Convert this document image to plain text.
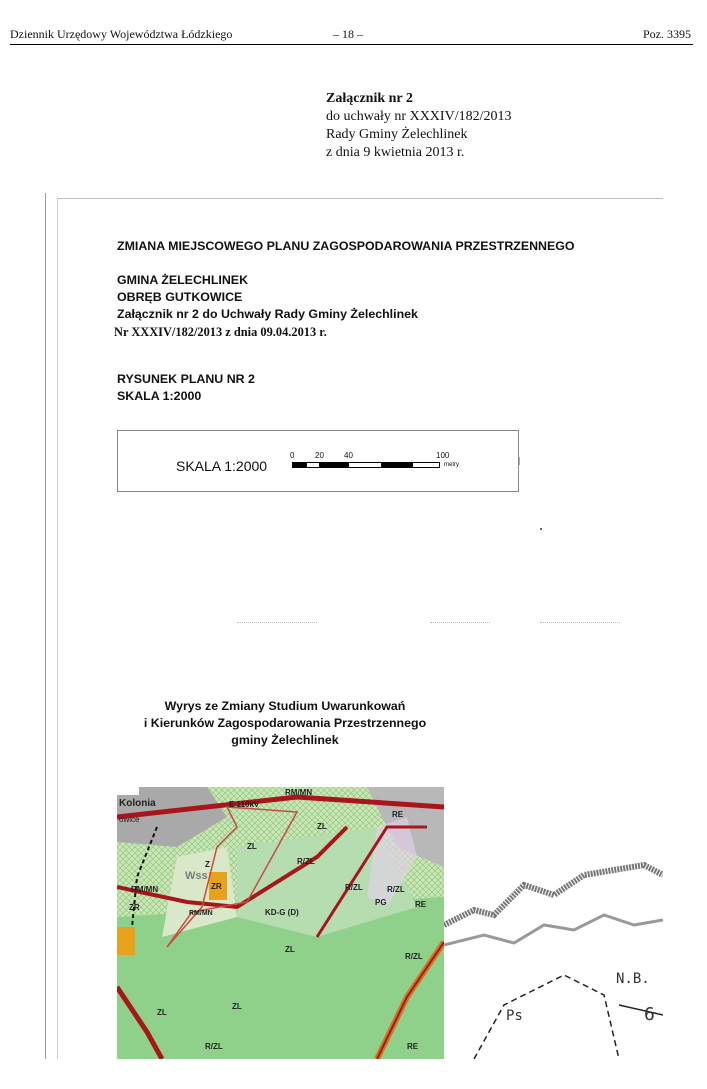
Dziennik Urzędowy Województwa Łódzkiego	– 18 –	Poz. 3395
Załącznik nr 2
do uchwały nr XXXIV/182/2013
Rady Gminy Żelechlinek
z dnia 9 kwietnia 2013 r.
ZMIANA MIEJSCOWEGO PLANU ZAGOSPODAROWANIA PRZESTRZENNEGO
GMINA ŻELECHLINEK
OBRĘB GUTKOWICE
Załącznik nr 2 do Uchwały Rady Gminy Żelechlinek
Nr XXXIV/182/2013 z dnia 09.04.2013 r.
RYSUNEK PLANU NR 2
SKALA 1:2000
SKALA 1:2000
0	20	40	100
metry
Wyrys ze Zmiany Studium Uwarunkowań
i Kierunków Zagospodarowania Przestrzennego
gminy Żelechlinek
Kolonia
owice
E 110kV
RM/MN
RE
ZL
ZL
R/ZL
R/ZL	R/ZL
PG	RE
Z
Wss
ZR
ZR
RM/MN
RM/MN	KD-G (D)
ZL
R/ZL
ZL
ZL
R/ZL	RE
N.B.
Ps	6
